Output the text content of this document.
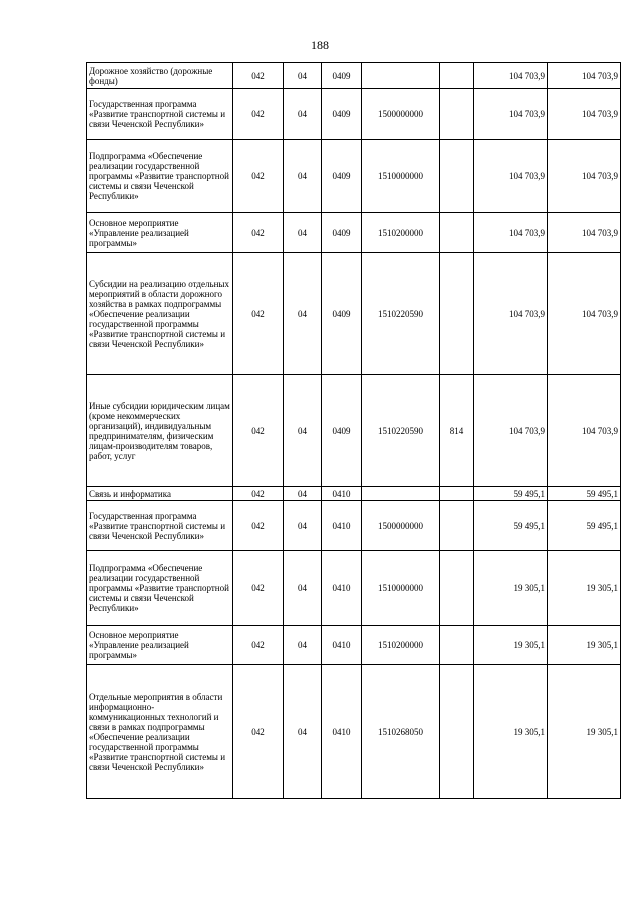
188
Дорожное хозяйство (дорожные фонды)	042	04	0409			104 703,9	104 703,9
Государственная программа «Развитие транспортной системы и связи Чеченской Республики»	042	04	0409	1500000000		104 703,9	104 703,9
Подпрограмма «Обеспечение реализации государственной программы «Развитие транспортной системы и связи Чеченской Республики»	042	04	0409	1510000000		104 703,9	104 703,9
Основное мероприятие «Управление реализацией программы»	042	04	0409	1510200000		104 703,9	104 703,9
Субсидии на реализацию отдельных мероприятий в области дорожного хозяйства в рамках подпрограммы «Обеспечение реализации государственной программы «Развитие транспортной системы и связи Чеченской Республики»	042	04	0409	1510220590		104 703,9	104 703,9
Иные субсидии юридическим лицам (кроме некоммерческих организаций), индивидуальным предпринимателям, физическим лицам-производителям товаров, работ, услуг	042	04	0409	1510220590	814	104 703,9	104 703,9
Связь и информатика	042	04	0410			59 495,1	59 495,1
Государственная программа «Развитие транспортной системы и связи Чеченской Республики»	042	04	0410	1500000000		59 495,1	59 495,1
Подпрограмма «Обеспечение реализации государственной программы «Развитие транспортной системы и связи Чеченской Республики»	042	04	0410	1510000000		19 305,1	19 305,1
Основное мероприятие «Управление реализацией программы»	042	04	0410	1510200000		19 305,1	19 305,1
Отдельные мероприятия в области информационно-коммуникационных технологий и связи в рамках подпрограммы «Обеспечение реализации государственной программы «Развитие транспортной системы и связи Чеченской Республики»	042	04	0410	1510268050		19 305,1	19 305,1
